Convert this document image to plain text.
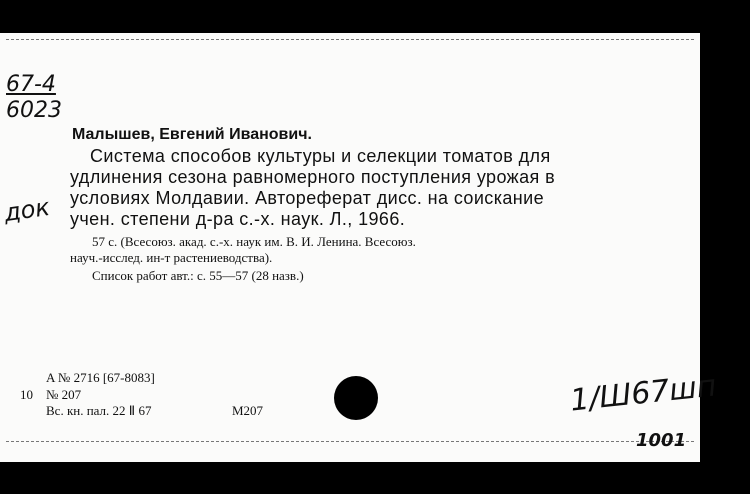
67-4
6023
док
Малышев, Евгений Иванович.
Система способов культуры и селекции томатов для
удлинения сезона равномерного поступления урожая в
условиях Молдавии. Автореферат дисс. на соискание
учен. степени д-ра с.-х. наук. Л., 1966.
57 с. (Всесоюз. акад. с.-х. наук им. В. И. Ленина. Всесоюз.
науч.-исслед. ин-т растениеводства).
Список работ авт.: с. 55—57 (28 назв.)
A № 2716 [67-8083]
10 № 207
Вс. кн. пал. 22 Ⅱ 67	M207	1/Ш67шп
1001
